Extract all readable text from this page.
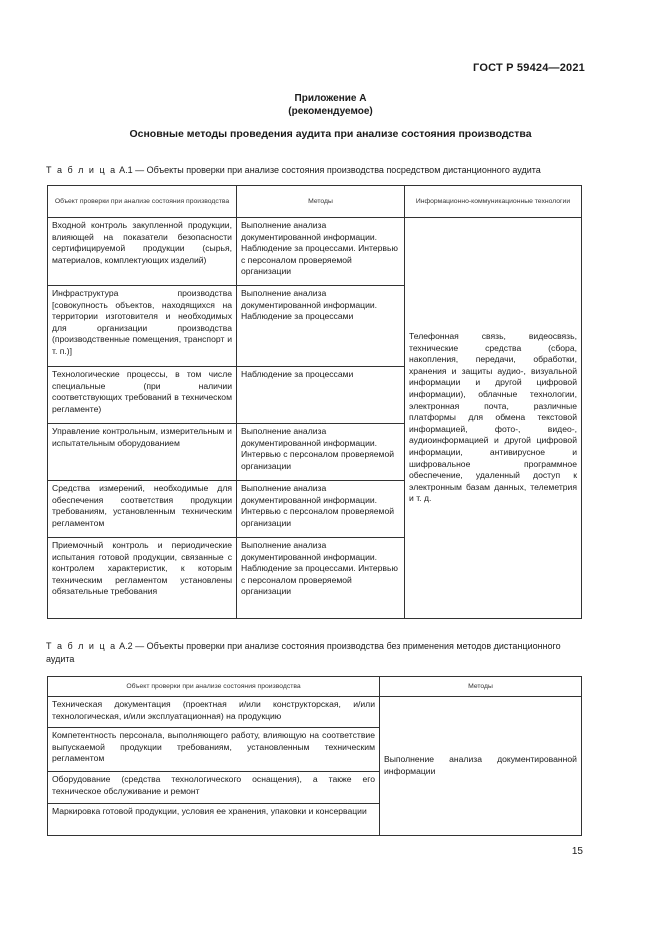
ГОСТ Р 59424—2021
Приложение А
(рекомендуемое)
Основные методы проведения аудита при анализе состояния производства
Т а б л и ц а А.1 — Объекты проверки при анализе состояния производства посредством дистанционного аудита
Объект проверки при анализе состояния производства	Методы	Информационно-коммуникационные технологии
Входной контроль закупленной продукции, влияющей на показатели безопасности сертифицируемой продукции (сырья, материалов, комплектующих изделий)	Выполнение анализа документированной информации. Наблюдение за процессами. Интервью с персоналом проверяемой организации	Телефонная связь, видеосвязь, технические средства (сбора, накопления, передачи, обработки, хранения и защиты аудио-, визуальной информации и другой цифровой информации), облачные технологии, электронная почта, различные платформы для обмена текстовой информацией, фото-, видео-, аудиоинформацией и другой цифровой информации, антивирусное и шифровальное программное обеспечение, удаленный доступ к электронным базам данных, телеметрия и т. д.
Инфраструктура производства [совокупность объектов, находящихся на территории изготовителя и необходимых для организации производства (производственные помещения, транспорт и т. п.)]	Выполнение анализа документированной информации. Наблюдение за процессами	
Технологические процессы, в том числе специальные (при наличии соответствующих требований в техническом регламенте)	Наблюдение за процессами	
Управление контрольным, измерительным и испытательным оборудованием	Выполнение анализа документированной информации. Интервью с персоналом проверяемой организации	
Средства измерений, необходимые для обеспечения соответствия продукции требованиям, установленным техническим регламентом	Выполнение анализа документированной информации. Интервью с персоналом проверяемой организации	
Приемочный контроль и периодические испытания готовой продукции, связанные с контролем характеристик, к которым техническим регламентом установлены обязательные требования	Выполнение анализа документированной информации. Наблюдение за процессами. Интервью с персоналом проверяемой организации	
Т а б л и ц а А.2 — Объекты проверки при анализе состояния производства без применения методов дистанционного аудита
Объект проверки при анализе состояния производства	Методы
Техническая документация (проектная и/или конструкторская, и/или технологическая, и/или эксплуатационная) на продукцию	Выполнение анализа документированной информации
Компетентность персонала, выполняющего работу, влияющую на соответствие выпускаемой продукции требованиям, установленным техническим регламентом	
Оборудование (средства технологического оснащения), а также его техническое обслуживание и ремонт	
Маркировка готовой продукции, условия ее хранения, упаковки и консервации	
15
